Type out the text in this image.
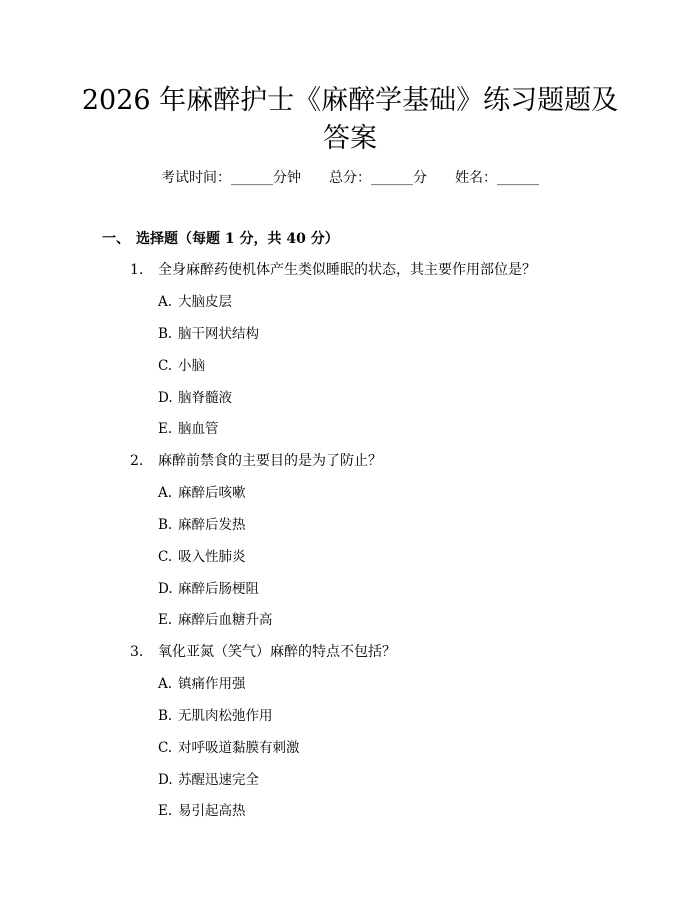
2026 年麻醉护士《麻醉学基础》练习题题及
答案
考试时间：______分钟 总分：______分 姓名：______
一、 选择题（每题 1 分，共 40 分）

1.

全身麻醉药使机体产生类似睡眠的状态，其主要作用部位是？

A. 大脑皮层
B. 脑干网状结构
C. 小脑
D. 脑脊髓液
E. 脑血管

2.

麻醉前禁食的主要目的是为了防止？

A. 麻醉后咳嗽
B. 麻醉后发热
C. 吸入性肺炎
D. 麻醉后肠梗阻
E. 麻醉后血糖升高

3.

氧化亚氮（笑气）麻醉的特点不包括？

A. 镇痛作用强
B. 无肌肉松弛作用
C. 对呼吸道黏膜有刺激
D. 苏醒迅速完全
E. 易引起高热
